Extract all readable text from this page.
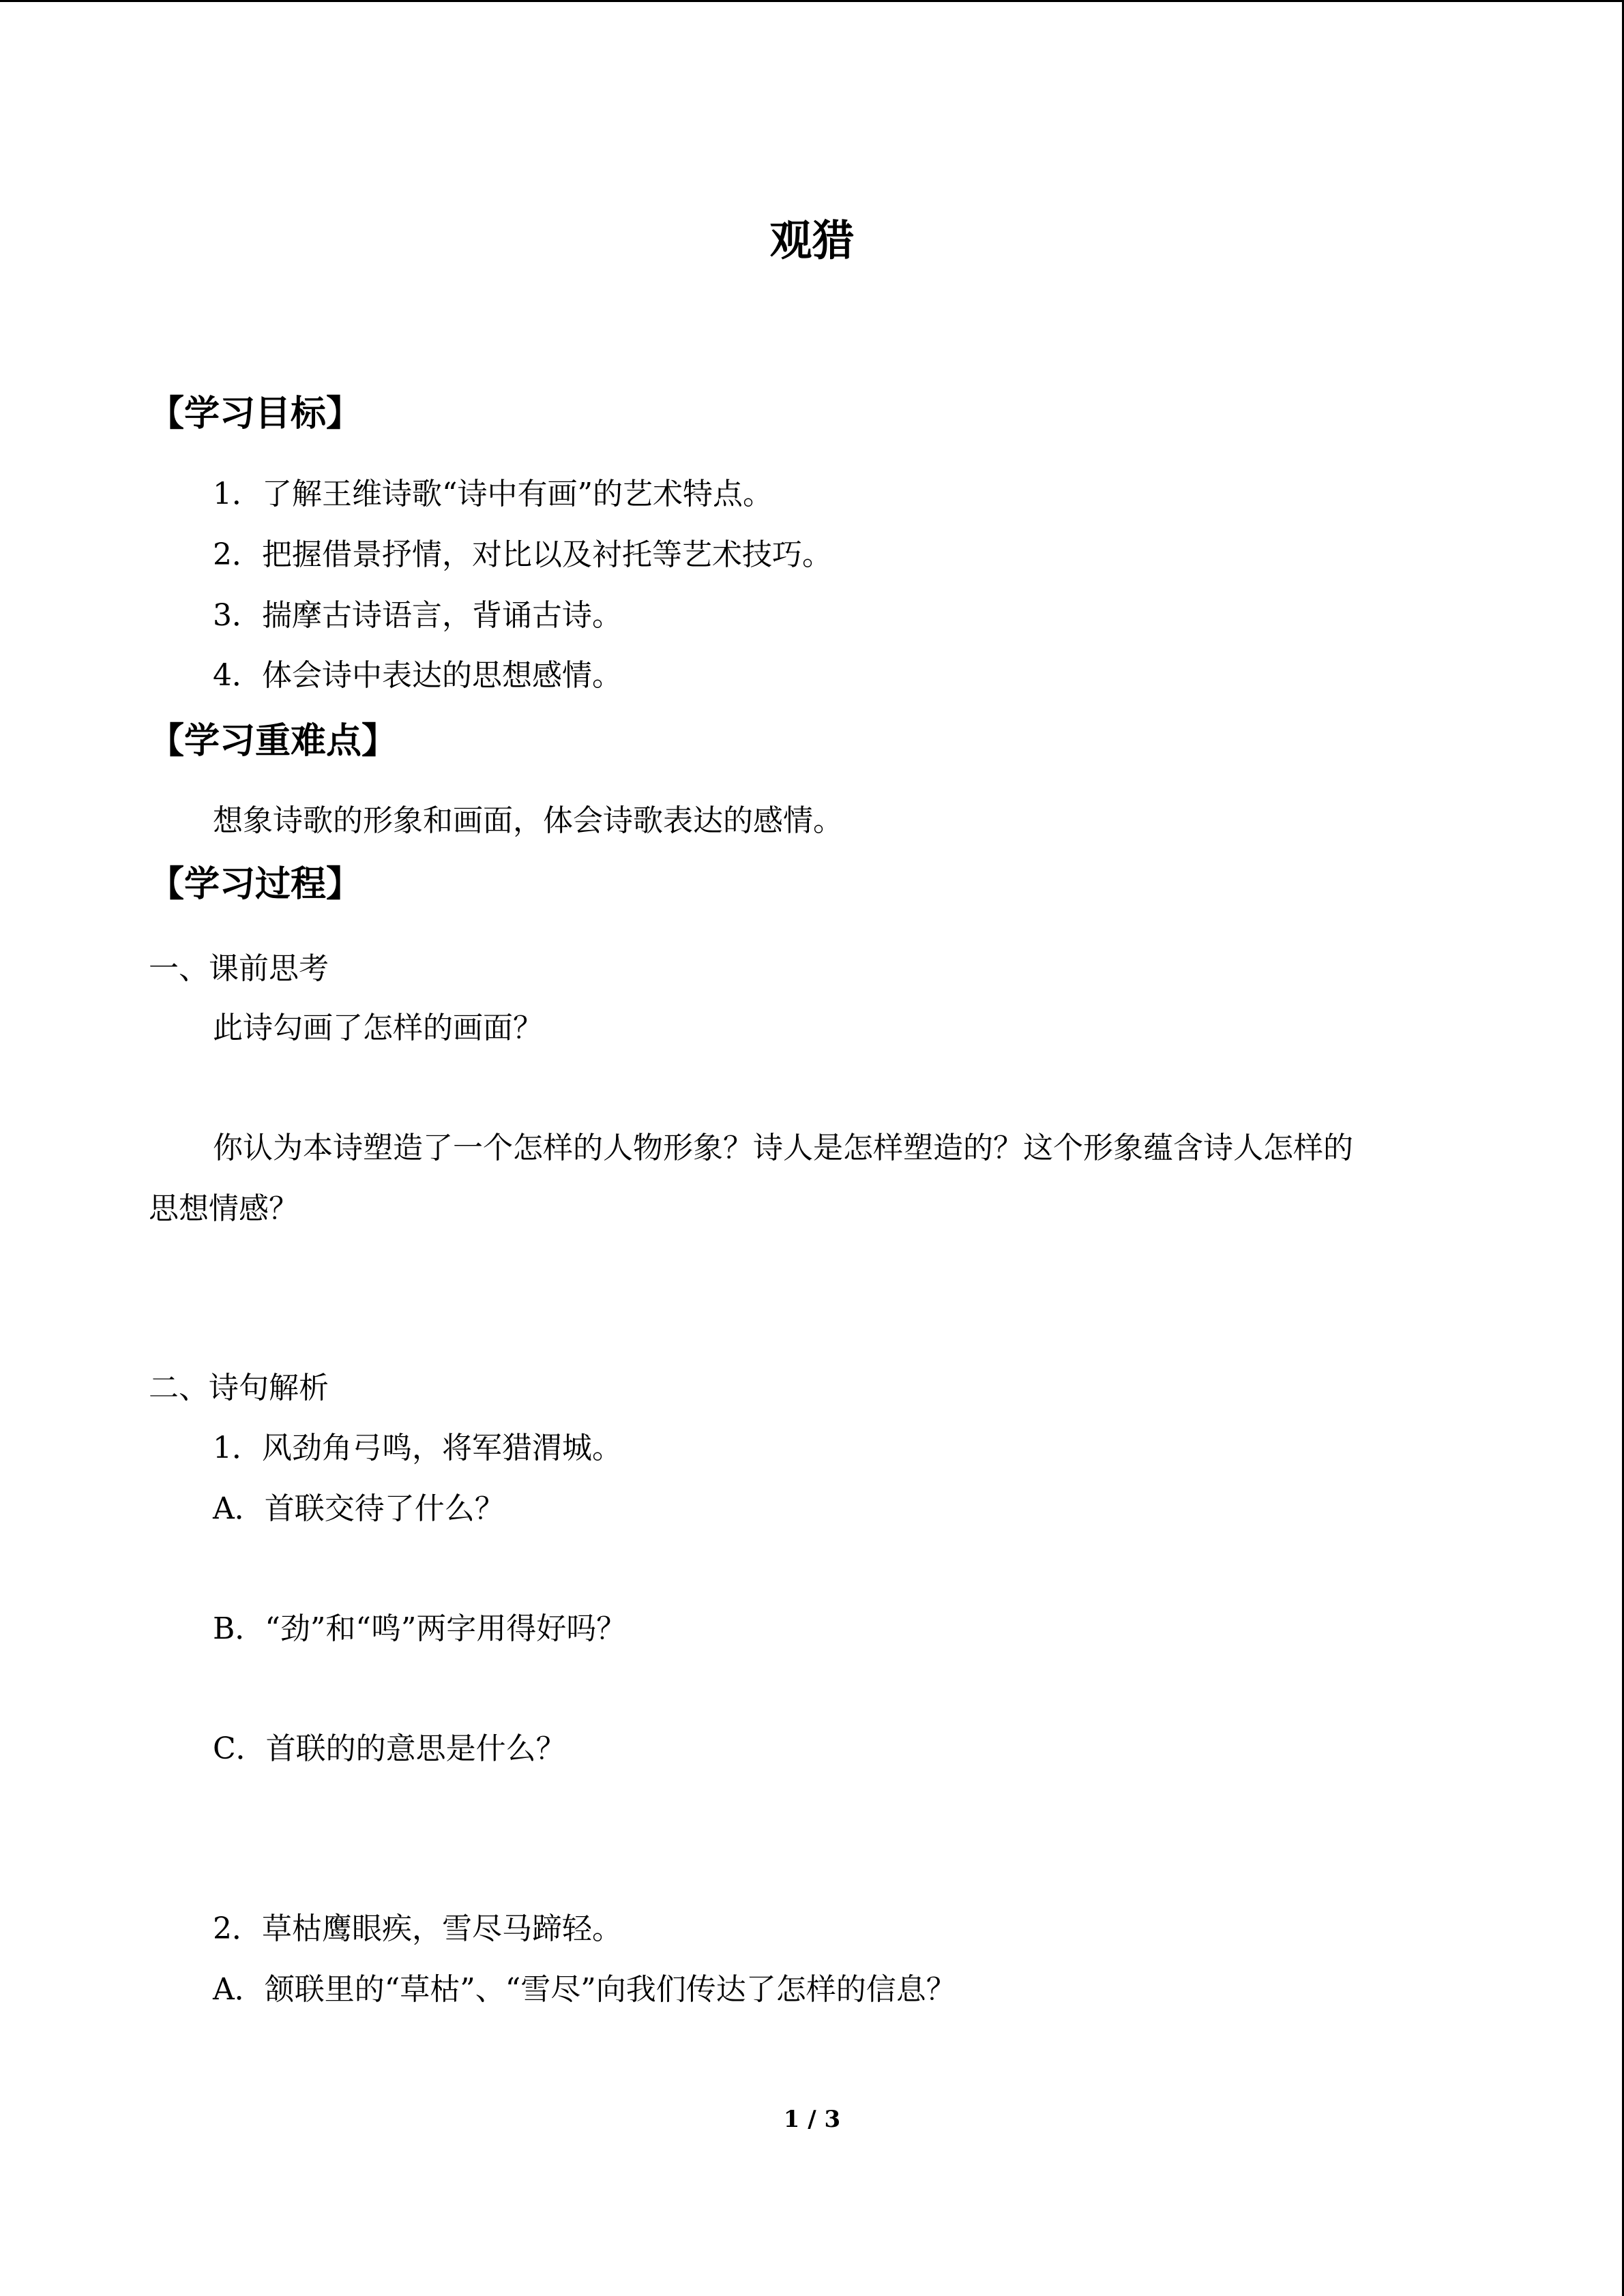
观猎
【学习目标】
1．了解王维诗歌“诗中有画”的艺术特点。
2．把握借景抒情，对比以及衬托等艺术技巧。
3．揣摩古诗语言，背诵古诗。
4．体会诗中表达的思想感情。
【学习重难点】
想象诗歌的形象和画面，体会诗歌表达的感情。
【学习过程】
一、课前思考
此诗勾画了怎样的画面？
你认为本诗塑造了一个怎样的人物形象？诗人是怎样塑造的？这个形象蕴含诗人怎样的
思想情感？
二、诗句解析
1．风劲角弓鸣，将军猎渭城。
A．首联交待了什么？
B．“劲”和“鸣”两字用得好吗？
C．首联的的意思是什么？
2．草枯鹰眼疾，雪尽马蹄轻。
A．颔联里的“草枯”、“雪尽”向我们传达了怎样的信息？
1 / 3
